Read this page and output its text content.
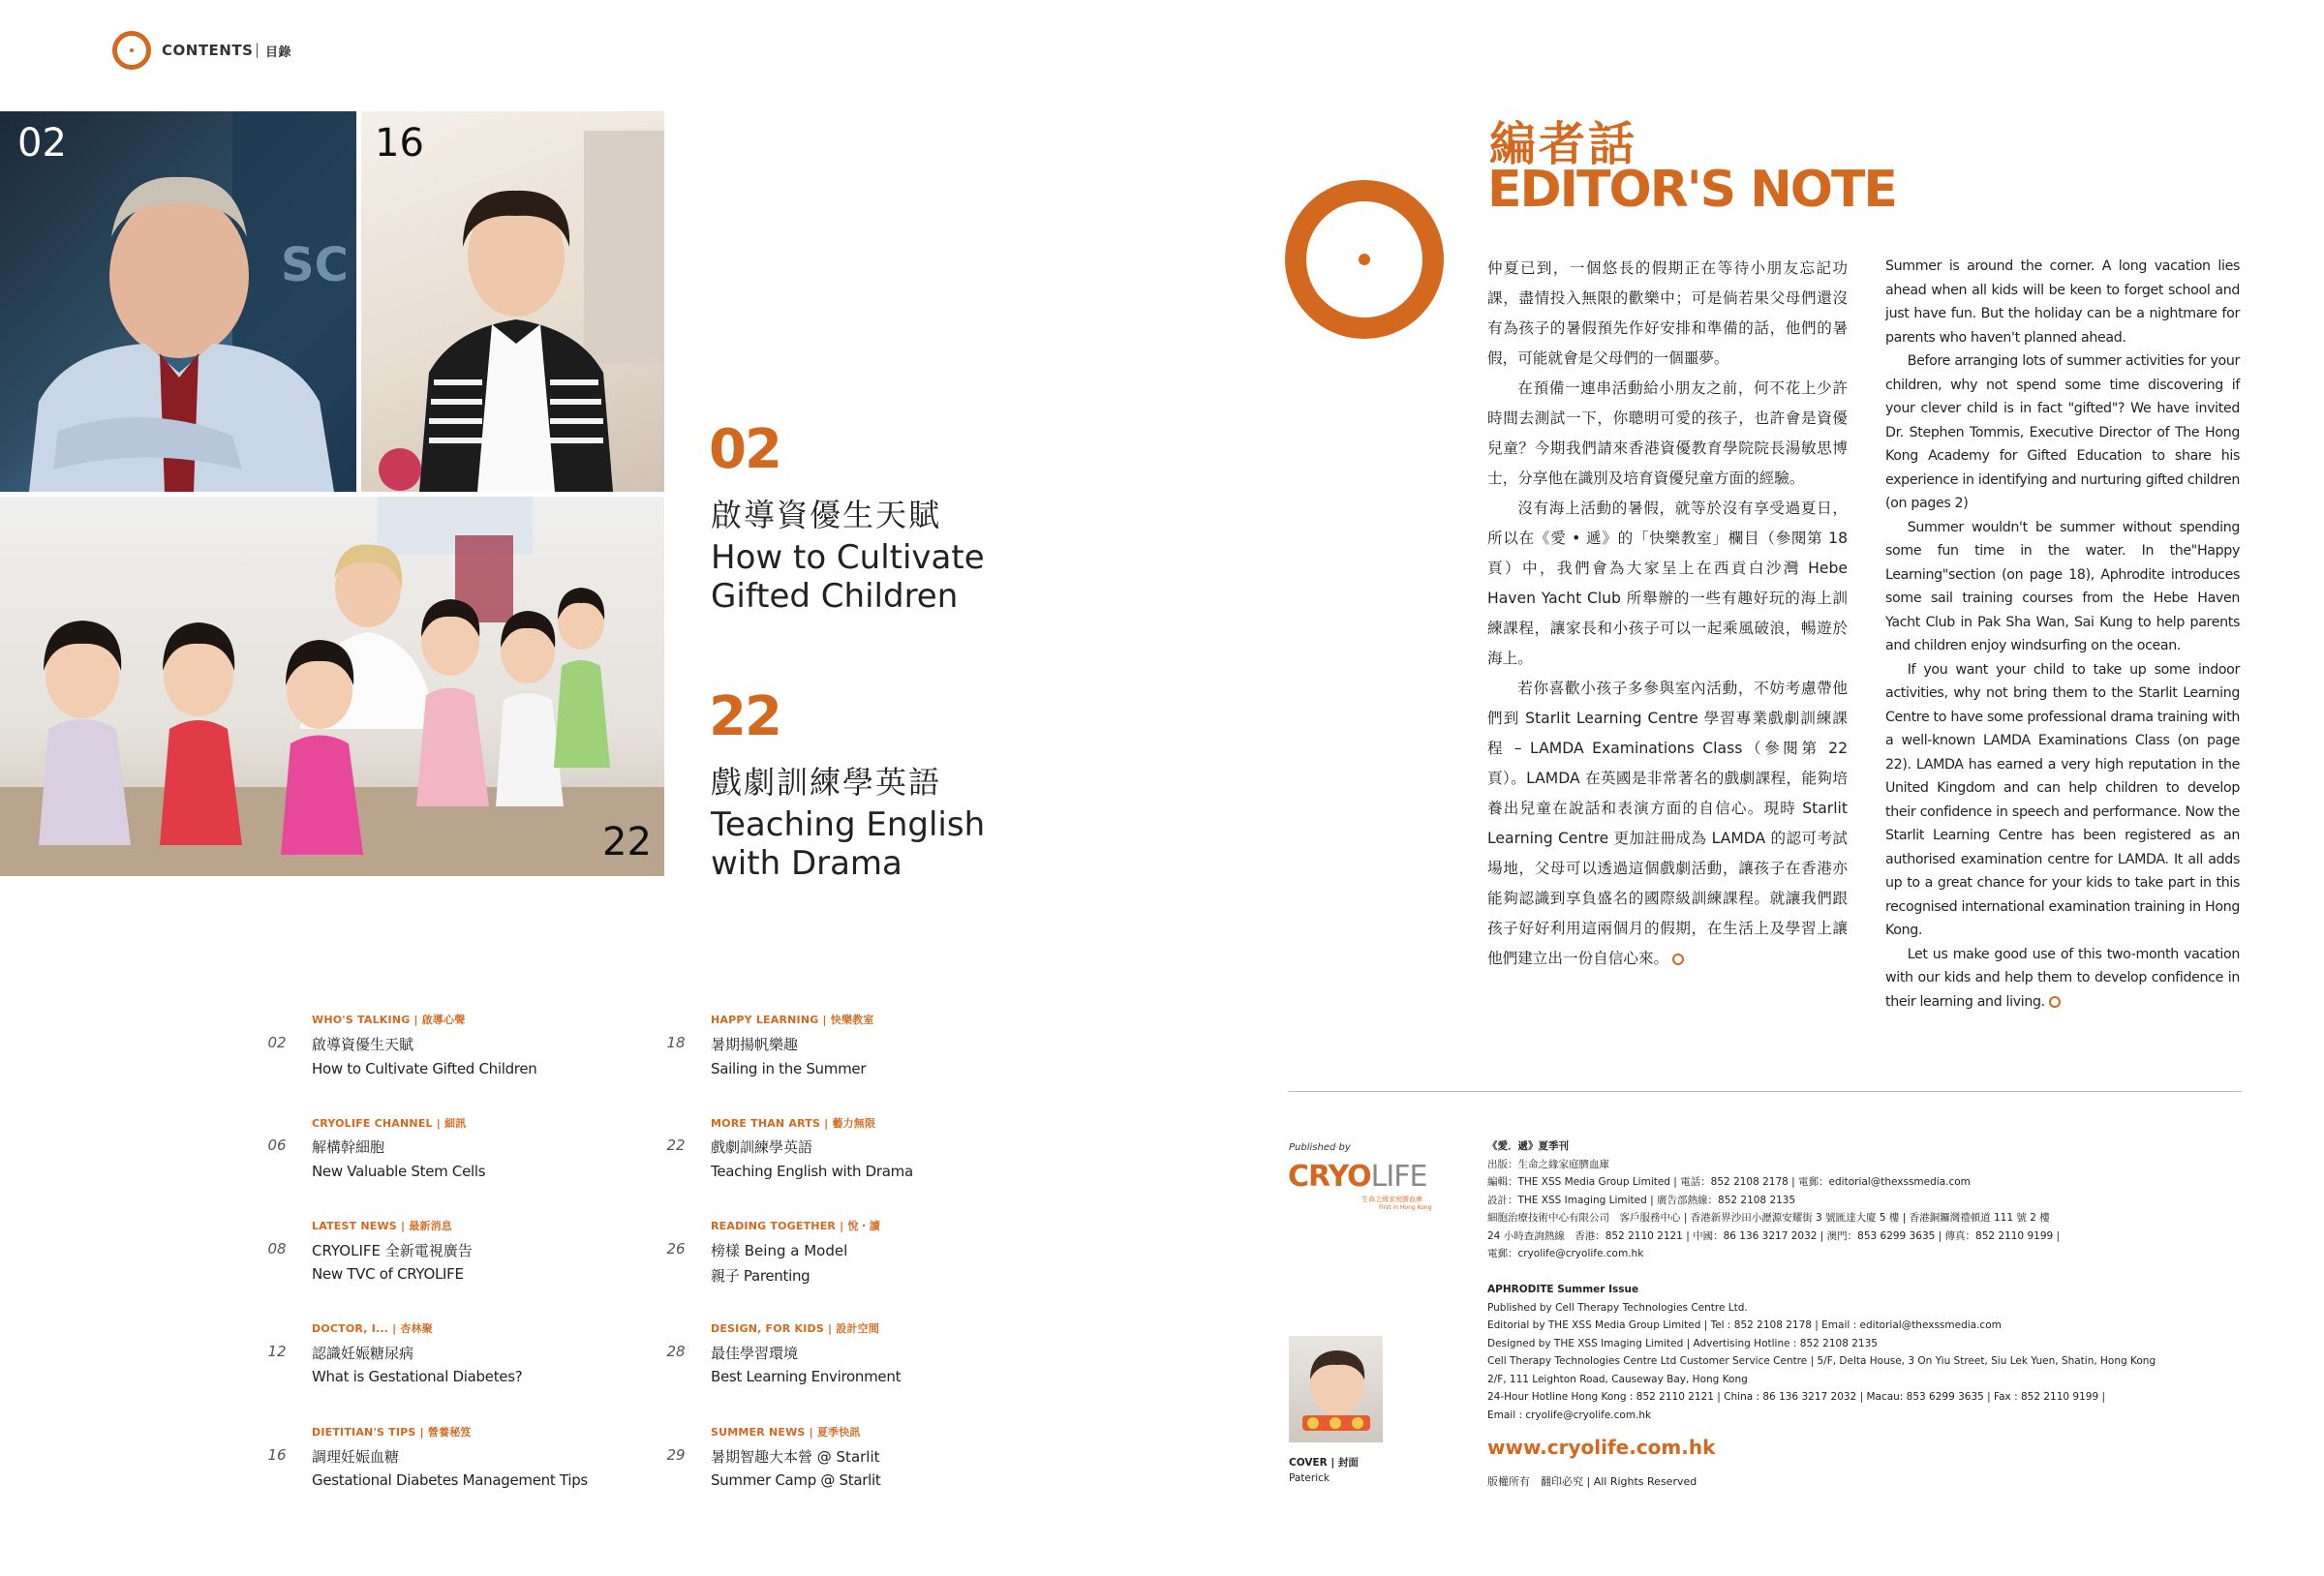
CONTENTS | 目錄
SC
02	16
22
02
啟導資優生天賦
How to Cultivate
Gifted Children
22
戲劇訓練學英語
Teaching English
with Drama
WHO'S TALKING | 啟導心聲
02	啟導資優生天賦
How to Cultivate Gifted Children
CRYOLIFE CHANNEL | 細訊
06	解構幹細胞
New Valuable Stem Cells
LATEST NEWS | 最新消息
08	CRYOLIFE 全新電視廣告
New TVC of CRYOLIFE
DOCTOR, I... | 杏林聚
12	認識妊娠糖尿病
What is Gestational Diabetes?
DIETITIAN'S TIPS | 營養秘笈
16	調理妊娠血糖
Gestational Diabetes Management Tips
HAPPY LEARNING | 快樂教室
18	暑期揚帆樂趣
Sailing in the Summer
MORE THAN ARTS | 藝力無限
22	戲劇訓練學英語
Teaching English with Drama
READING TOGETHER | 悅・讀
26	榜樣 Being a Model
親子 Parenting
DESIGN, FOR KIDS | 設計空間
28	最佳學習環境
Best Learning Environment
SUMMER NEWS | 夏季快訊
29	暑期智趣大本營 @ Starlit
Summer Camp @ Starlit
編者話
EDITOR'S NOTE

仲夏已到，一個悠長的假期正在等待小朋友忘記功課，盡情投入無限的歡樂中；可是倘若果父母們還沒有為孩子的暑假預先作好安排和準備的話，他們的暑假，可能就會是父母們的一個噩夢。

在預備一連串活動給小朋友之前，何不花上少許時間去測試一下，你聰明可愛的孩子，也許會是資優兒童？今期我們請來香港資優教育學院院長湯敏思博士，分享他在識別及培育資優兒童方面的經驗。

沒有海上活動的暑假，就等於沒有享受過夏日，所以在《愛 • 遞》的「快樂教室」欄目（參閱第 18 頁）中，我們會為大家呈上在西貢白沙灣 Hebe Haven Yacht Club 所舉辦的一些有趣好玩的海上訓練課程，讓家長和小孩子可以一起乘風破浪，暢遊於海上。

若你喜歡小孩子多參與室內活動，不妨考慮帶他們到 Starlit Learning Centre 學習專業戲劇訓練課程 – LAMDA Examinations Class（參閱第 22 頁）。LAMDA 在英國是非常著名的戲劇課程，能夠培養出兒童在說話和表演方面的自信心。現時 Starlit Learning Centre 更加註冊成為 LAMDA 的認可考試場地，父母可以透過這個戲劇活動，讓孩子在香港亦能夠認識到享負盛名的國際級訓練課程。就讓我們跟孩子好好利用這兩個月的假期，在生活上及學習上讓他們建立出一份自信心來。

Summer is around the corner. A long vacation lies ahead when all kids will be keen to forget school and just have fun. But the holiday can be a nightmare for parents who haven't planned ahead.

Before arranging lots of summer activities for your children, why not spend some time discovering if your clever child is in fact "gifted"? We have invited Dr. Stephen Tommis, Executive Director of The Hong Kong Academy for Gifted Education to share his experience in identifying and nurturing gifted children (on pages 2)

Summer wouldn't be summer without spending some fun time in the water. In the"Happy Learning"section (on page 18), Aphrodite introduces some sail training courses from the Hebe Haven Yacht Club in Pak Sha Wan, Sai Kung to help parents and children enjoy windsurfing on the ocean.

If you want your child to take up some indoor activities, why not bring them to the Starlit Learning Centre to have some professional drama training with a well-known LAMDA Examinations Class (on page 22). LAMDA has earned a very high reputation in the United Kingdom and can help children to develop their confidence in speech and performance. Now the Starlit Learning Centre has been registered as an authorised examination centre for LAMDA. It all adds up to a great chance for your kids to take part in this recognised international examination training in Hong Kong.

Let us make good use of this two-month vacation with our kids and help them to develop confidence in their learning and living.

Published by
CRYOLIFE
生命之緣家庭臍血庫
First in Hong Kong
《愛．遞》夏季刊
出版：生命之緣家庭臍血庫
編輯：THE XSS Media Group Limited | 電話：852 2108 2178 | 電郵：editorial@thexssmedia.com
設計：THE XSS Imaging Limited | 廣告部熱線：852 2108 2135
細胞治療技術中心有限公司　客戶服務中心 | 香港新界沙田小瀝源安耀街 3 號匯達大廈 5 樓 | 香港銅鑼灣禮頓道 111 號 2 樓
24 小時查詢熱線　香港：852 2110 2121 | 中國：86 136 3217 2032 | 澳門：853 6299 3635 | 傳真：852 2110 9199 |
電郵：cryolife@cryolife.com.hk
APHRODITE Summer Issue
Published by Cell Therapy Technologies Centre Ltd.
Editorial by THE XSS Media Group Limited | Tel : 852 2108 2178 | Email : editorial@thexssmedia.com
Designed by THE XSS Imaging Limited | Advertising Hotline : 852 2108 2135
Cell Therapy Technologies Centre Ltd Customer Service Centre | 5/F, Delta House, 3 On Yiu Street, Siu Lek Yuen, Shatin, Hong Kong
2/F, 111 Leighton Road, Causeway Bay, Hong Kong
24-Hour Hotline Hong Kong : 852 2110 2121 | China : 86 136 3217 2032 | Macau: 853 6299 3635 | Fax : 852 2110 9199 |
Email : cryolife@cryolife.com.hk
www.cryolife.com.hk
版權所有　翻印必究 | All Rights Reserved
COVER | 封面
Paterick
